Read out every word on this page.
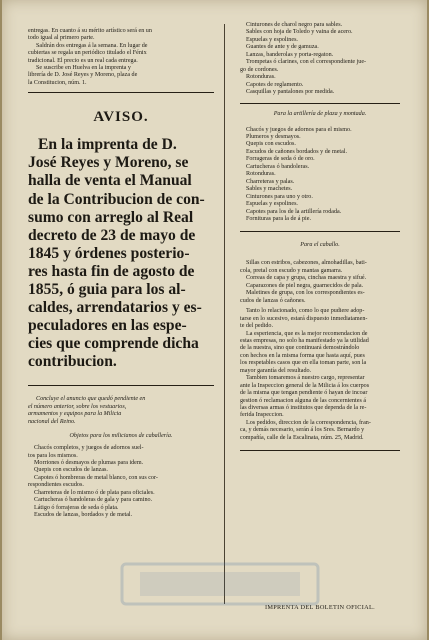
entregas. En cuanto á su mérito artístico será en un

todo igual al primero parte.

Saldrán dos entregas á la semana. En lugar de

cubiertas se regala un periódico titulado el Fénix

tradicional. El precio es un real cada entrega.

Se suscribe en Huelva en la imprenta y

librería de D. José Reyes y Moreno, plaza de

la Constitucion, núm. 1.

AVISO.
En la imprenta de D.
José Reyes y Moreno, se
halla de venta el Manual
de la Contribucion de con-
sumo con arreglo al Real
decreto de 23 de mayo de
1845 y órdenes posterio-
res hasta fin de agosto de
1855, ó guia para los al-
caldes, arrendatarios y es-
peculadores en las espe-
cies que comprende dicha
contribucion.

Concluye el anuncio que quedó pendiente en

el número anterior, sobre los vestuarios,

armamentos y equipos para la Milicia

nacional del Reino.

Objetos para los milicianos de caballería.

Chacós completos, y juegos de adornos suel-

tos para los mismos.

Morriones ó desmayos de plumas para idem.

Quepis con escudos de lanzas.

Capotes ó hombreras de metal blanco, con sus cor-

respondientes escudos.

Charreteras de lo mismo ó de plata para oficiales.

Cartucheras ó bandoleras de gala y para camino.

Látigo ó forrajeras de seda ó plata.

Escudos de lanzas, bordados y de metal.

Cinturones de charol negro para sables.

Sables con hoja de Toledo y vaina de acero.

Espuelas y espolines.

Guantes de ante y de gamuza.

Lanzas, banderolas y porta-regaton.

Trompetas ó clarines, con el correspondiente jue-

go de cordones.

Rotonduras.

Capotes de reglamento.

Casquillas y pantalones por medida.

Para la artillería de plaza y montada.

Chacós y juegos de adornos para el mismo.

Plumeros y desmayos.

Quepis con escudos.

Escudos de cañones bordados y de metal.

Forrageras de seda ó de oro.

Cartucheras ó bandoleras.

Rotonduras.

Charreteras y palas.

Sables y machetes.

Cinturones para uno y otro.

Espuelas y espolines.

Capotes para los de la artillería rodada.

Fornituras para la de á pie.

Para el caballo.

Sillas con estribos, cabezones, almohadillas, bati-

cola, pretal con escudo y mantas gamarra.

Correas de capa y grupa, cinchas maestra y sifué.

Caparazones de piel negra, guarnecidos de pala.

Maletines de grupa, con los correspondientes es-

cudos de lanzas ó cañones.

Tanto lo relacionado, como lo que pudiere adop-

tarse en lo sucesivo, estará dispuesto inmediatamen-

te del pedido.

La esperiencia, que es la mejor recomendacion de

estas empresas, no solo ha manifestado ya la utilidad

de la nuestra, sino que continuará demostrándolo

con hechos en la misma forma que hasta aquí, pues

los respetables casos que en ella toman parte, son la

mayor garantía del resultado.

Tambien tomaremos á nuestro cargo, representar

ante la Inspeccion general de la Milicia á los cuerpos

de la misma que tengan pendiente ó hayan de incoar

gestion ó reclamacion alguna de las concernientes á

las diversas armas ó institutos que dependa de la re-

ferida Inspeccion.

Los pedidos, direccion de la correspondencia, fran-

ca, y demás necesario, serán á los Sres. Bernardo y

compañía, calle de la Escalinata, núm. 25, Madrid.

IMPRENTA DEL BOLETIN OFICIAL.
